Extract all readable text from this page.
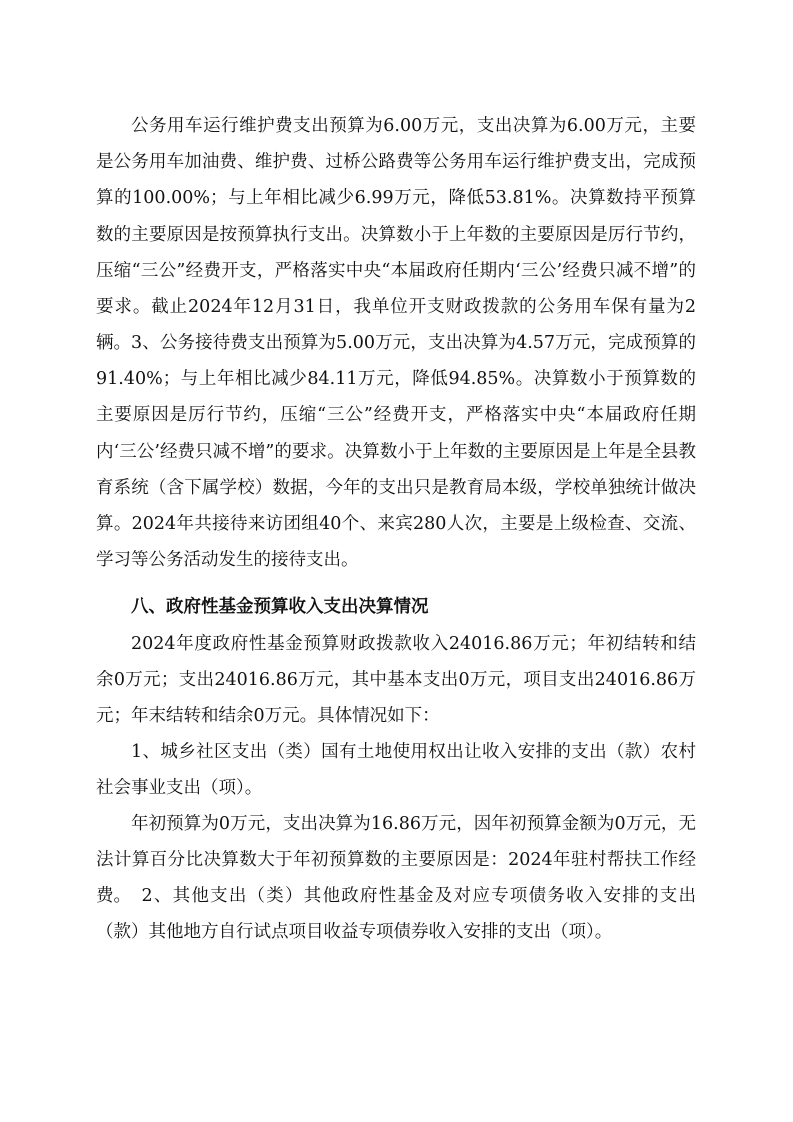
公务用车运行维护费支出预算为6.00万元，支出决算为6.00万元，主要是公务用车加油费、维护费、过桥公路费等公务用车运行维护费支出，完成预算的100.00%；与上年相比减少6.99万元，降低53.81%。决算数持平预算数的主要原因是按预算执行支出。决算数小于上年数的主要原因是厉行节约，压缩“三公”经费开支，严格落实中央“本届政府任期内‘三公’经费只减不增”的要求。截止2024年12月31日，我单位开支财政拨款的公务用车保有量为2辆。 3、公务接待费支出预算为5.00万元，支出决算为4.57万元，完成预算的91.40%；与上年相比减少84.11万元，降低94.85%。决算数小于预算数的主要原因是厉行节约，压缩“三公”经费开支，严格落实中央“本届政府任期内‘三公’经费只减不增”的要求。决算数小于上年数的主要原因是上年是全县教育系统（含下属学校）数据，今年的支出只是教育局本级，学校单独统计做决算。2024年共接待来访团组40个、来宾280人次，主要是上级检查、交流、学习等公务活动发生的接待支出。

八、政府性基金预算收入支出决算情况

2024年度政府性基金预算财政拨款收入24016.86万元；年初结转和结余0万元；支出24016.86万元，其中基本支出0万元，项目支出24016.86万元；年末结转和结余0万元。具体情况如下：

1、城乡社区支出（类）国有土地使用权出让收入安排的支出（款）农村社会事业支出（项）。

年初预算为0万元，支出决算为16.86万元，因年初预算金额为0万元，无法计算百分比决算数大于年初预算数的主要原因是：2024年驻村帮扶工作经费。 2、其他支出（类）其他政府性基金及对应专项债务收入安排的支出（款）其他地方自行试点项目收益专项债券收入安排的支出（项）。
